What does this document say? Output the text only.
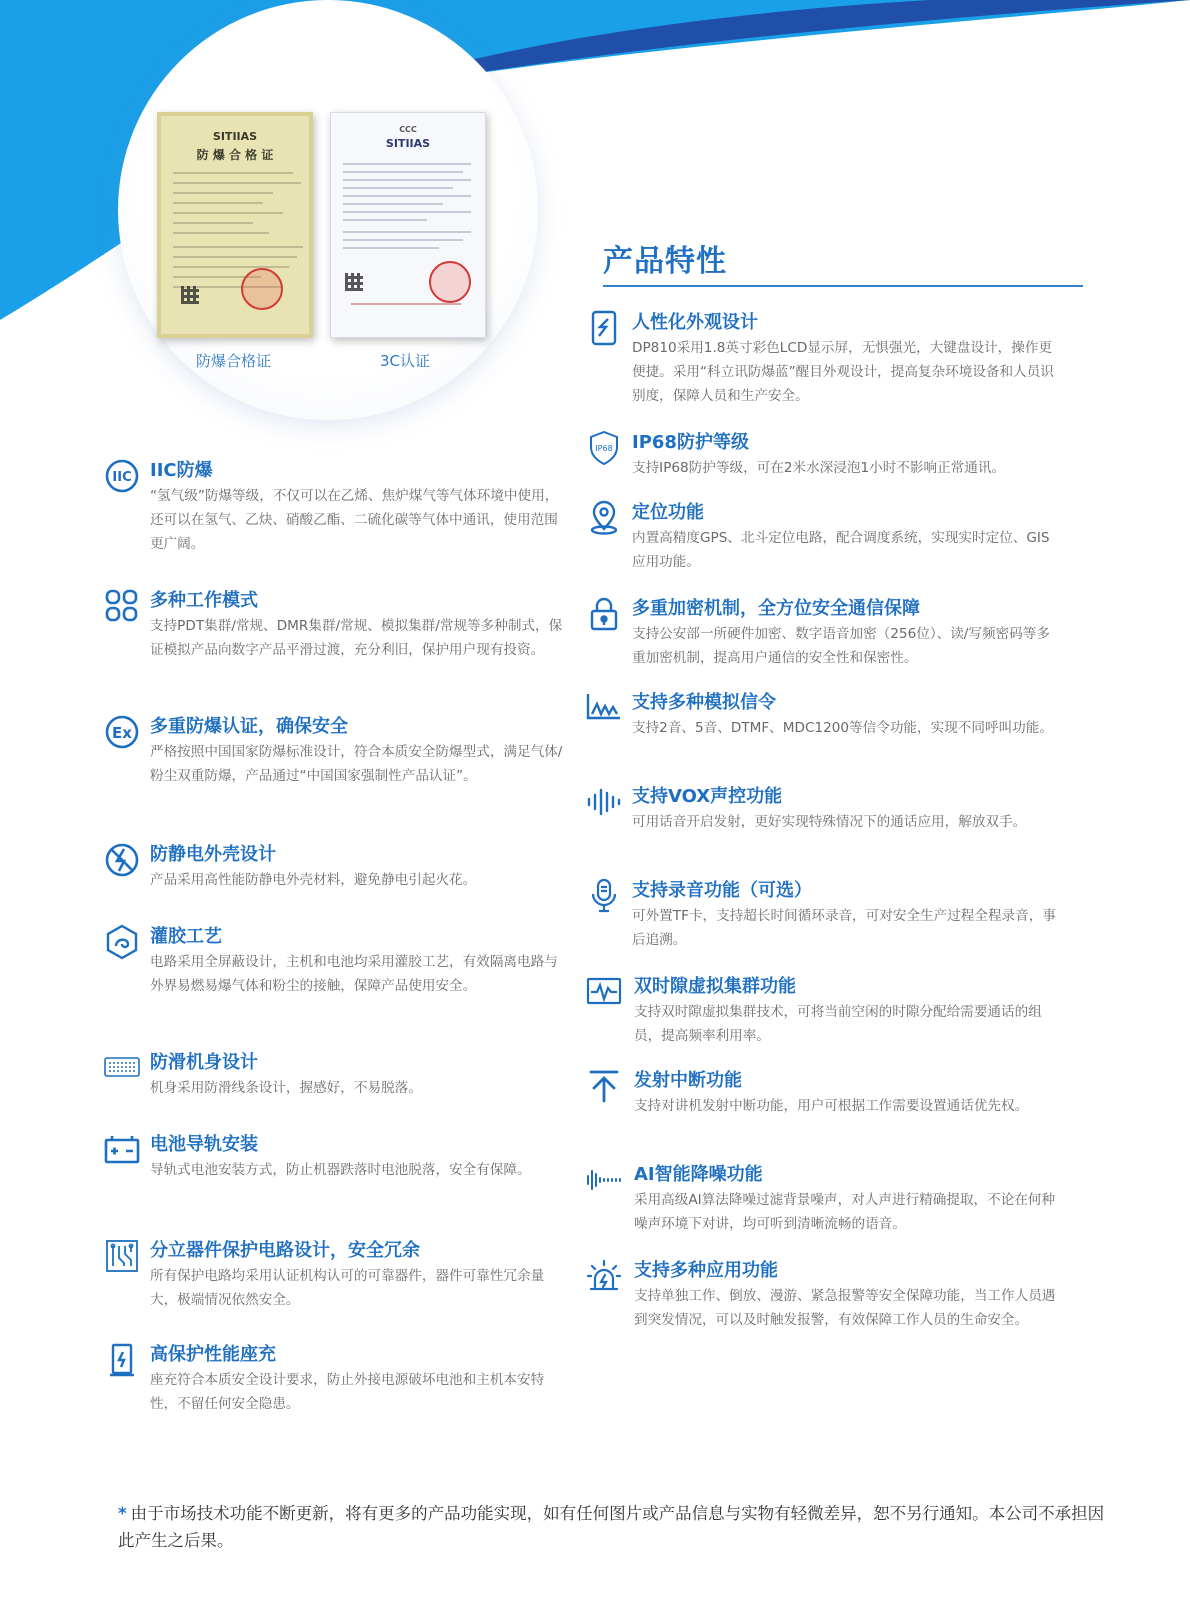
SITIIAS
防 爆 合 格 证
CCC
SITIIAS
防爆合格证	3C认证
产品特性
IIC IIC防爆
“氢气级”防爆等级，不仅可以在乙烯、焦炉煤气等气体环境中使用，还可以在氢气、乙炔、硝酸乙酯、二硫化碳等气体中通讯，使用范围更广阔。
多种工作模式
支持PDT集群/常规、DMR集群/常规、模拟集群/常规等多种制式，保证模拟产品向数字产品平滑过渡，充分利旧，保护用户现有投资。
Ex 多重防爆认证，确保安全
严格按照中国国家防爆标准设计，符合本质安全防爆型式，满足气体/粉尘双重防爆，产品通过“中国国家强制性产品认证”。
防静电外壳设计
产品采用高性能防静电外壳材料，避免静电引起火花。
灌胶工艺
电路采用全屏蔽设计，主机和电池均采用灌胶工艺，有效隔离电路与外界易燃易爆气体和粉尘的接触，保障产品使用安全。
防滑机身设计
机身采用防滑线条设计，握感好，不易脱落。
电池导轨安装
导轨式电池安装方式，防止机器跌落时电池脱落，安全有保障。
分立器件保护电路设计，安全冗余
所有保护电路均采用认证机构认可的可靠器件，器件可靠性冗余量大，极端情况依然安全。
高保护性能座充
座充符合本质安全设计要求，防止外接电源破坏电池和主机本安特性，不留任何安全隐患。
人性化外观设计
DP810采用1.8英寸彩色LCD显示屏，无惧强光，大键盘设计，操作更便捷。采用“科立讯防爆蓝”醒目外观设计，提高复杂环境设备和人员识别度，保障人员和生产安全。
IP68 IP68防护等级
支持IP68防护等级，可在2米水深浸泡1小时不影响正常通讯。
定位功能
内置高精度GPS、北斗定位电路，配合调度系统，实现实时定位、GIS应用功能。
多重加密机制，全方位安全通信保障
支持公安部一所硬件加密、数字语音加密（256位）、读/写频密码等多重加密机制，提高用户通信的安全性和保密性。
支持多种模拟信令
支持2音、5音、DTMF、MDC1200等信令功能，实现不同呼叫功能。
支持VOX声控功能
可用话音开启发射，更好实现特殊情况下的通话应用，解放双手。
支持录音功能（可选）
可外置TF卡，支持超长时间循环录音，可对安全生产过程全程录音，事后追溯。
双时隙虚拟集群功能
支持双时隙虚拟集群技术，可将当前空闲的时隙分配给需要通话的组员，提高频率利用率。
发射中断功能
支持对讲机发射中断功能，用户可根据工作需要设置通话优先权。
AI智能降噪功能
采用高级AI算法降噪过滤背景噪声，对人声进行精确提取，不论在何种噪声环境下对讲，均可听到清晰流畅的语音。
支持多种应用功能
支持单独工作、倒放、漫游、紧急报警等安全保障功能，当工作人员遇到突发情况，可以及时触发报警，有效保障工作人员的生命安全。
* 由于市场技术功能不断更新，将有更多的产品功能实现，如有任何图片或产品信息与实物有轻微差异，恕不另行通知。本公司不承担因此产生之后果。
